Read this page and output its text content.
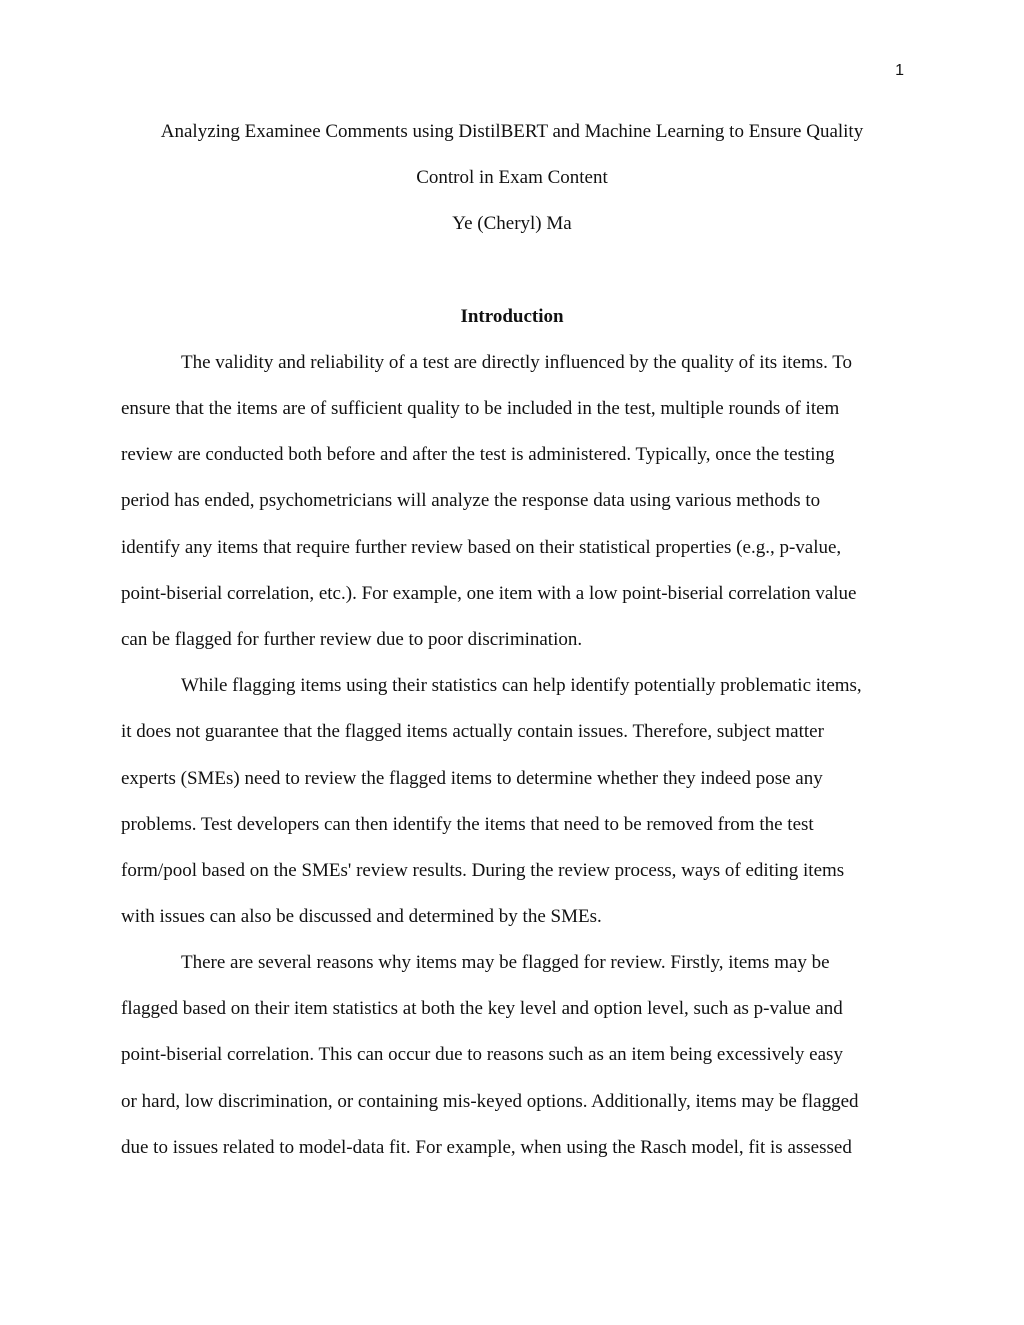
1
Analyzing Examinee Comments using DistilBERT and Machine Learning to Ensure Quality
Control in Exam Content
Ye (Cheryl) Ma
Introduction
The validity and reliability of a test are directly influenced by the quality of its items. To
ensure that the items are of sufficient quality to be included in the test, multiple rounds of item
review are conducted both before and after the test is administered. Typically, once the testing
period has ended, psychometricians will analyze the response data using various methods to
identify any items that require further review based on their statistical properties (e.g., p-value,
point-biserial correlation, etc.). For example, one item with a low point-biserial correlation value
can be flagged for further review due to poor discrimination.
While flagging items using their statistics can help identify potentially problematic items,
it does not guarantee that the flagged items actually contain issues. Therefore, subject matter
experts (SMEs) need to review the flagged items to determine whether they indeed pose any
problems. Test developers can then identify the items that need to be removed from the test
form/pool based on the SMEs' review results. During the review process, ways of editing items
with issues can also be discussed and determined by the SMEs.
There are several reasons why items may be flagged for review. Firstly, items may be
flagged based on their item statistics at both the key level and option level, such as p-value and
point-biserial correlation. This can occur due to reasons such as an item being excessively easy
or hard, low discrimination, or containing mis-keyed options. Additionally, items may be flagged
due to issues related to model-data fit. For example, when using the Rasch model, fit is assessed
